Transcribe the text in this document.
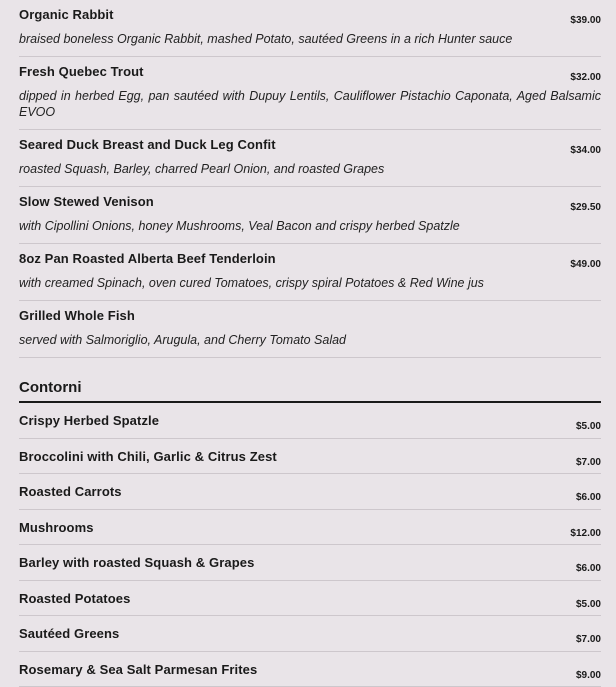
Organic Rabbit	$39.00
braised boneless Organic Rabbit, mashed Potato, sautéed Greens in a rich Hunter sauce
Fresh Quebec Trout	$32.00
dipped in herbed Egg, pan sautéed with Dupuy Lentils, Cauliflower Pistachio Caponata, Aged Balsamic EVOO
Seared Duck Breast and Duck Leg Confit	$34.00
roasted Squash, Barley, charred Pearl Onion, and roasted Grapes
Slow Stewed Venison	$29.50
with Cipollini Onions, honey Mushrooms, Veal Bacon and crispy herbed Spatzle
8oz Pan Roasted Alberta Beef Tenderloin	$49.00
with creamed Spinach, oven cured Tomatoes, crispy spiral Potatoes & Red Wine jus
Grilled Whole Fish
served with Salmoriglio, Arugula, and Cherry Tomato Salad
Contorni
Crispy Herbed Spatzle	$5.00
Broccolini with Chili, Garlic & Citrus Zest	$7.00
Roasted Carrots	$6.00
Mushrooms	$12.00
Barley with roasted Squash & Grapes	$6.00
Roasted Potatoes	$5.00
Sautéed Greens	$7.00
Rosemary & Sea Salt Parmesan Frites	$9.00
